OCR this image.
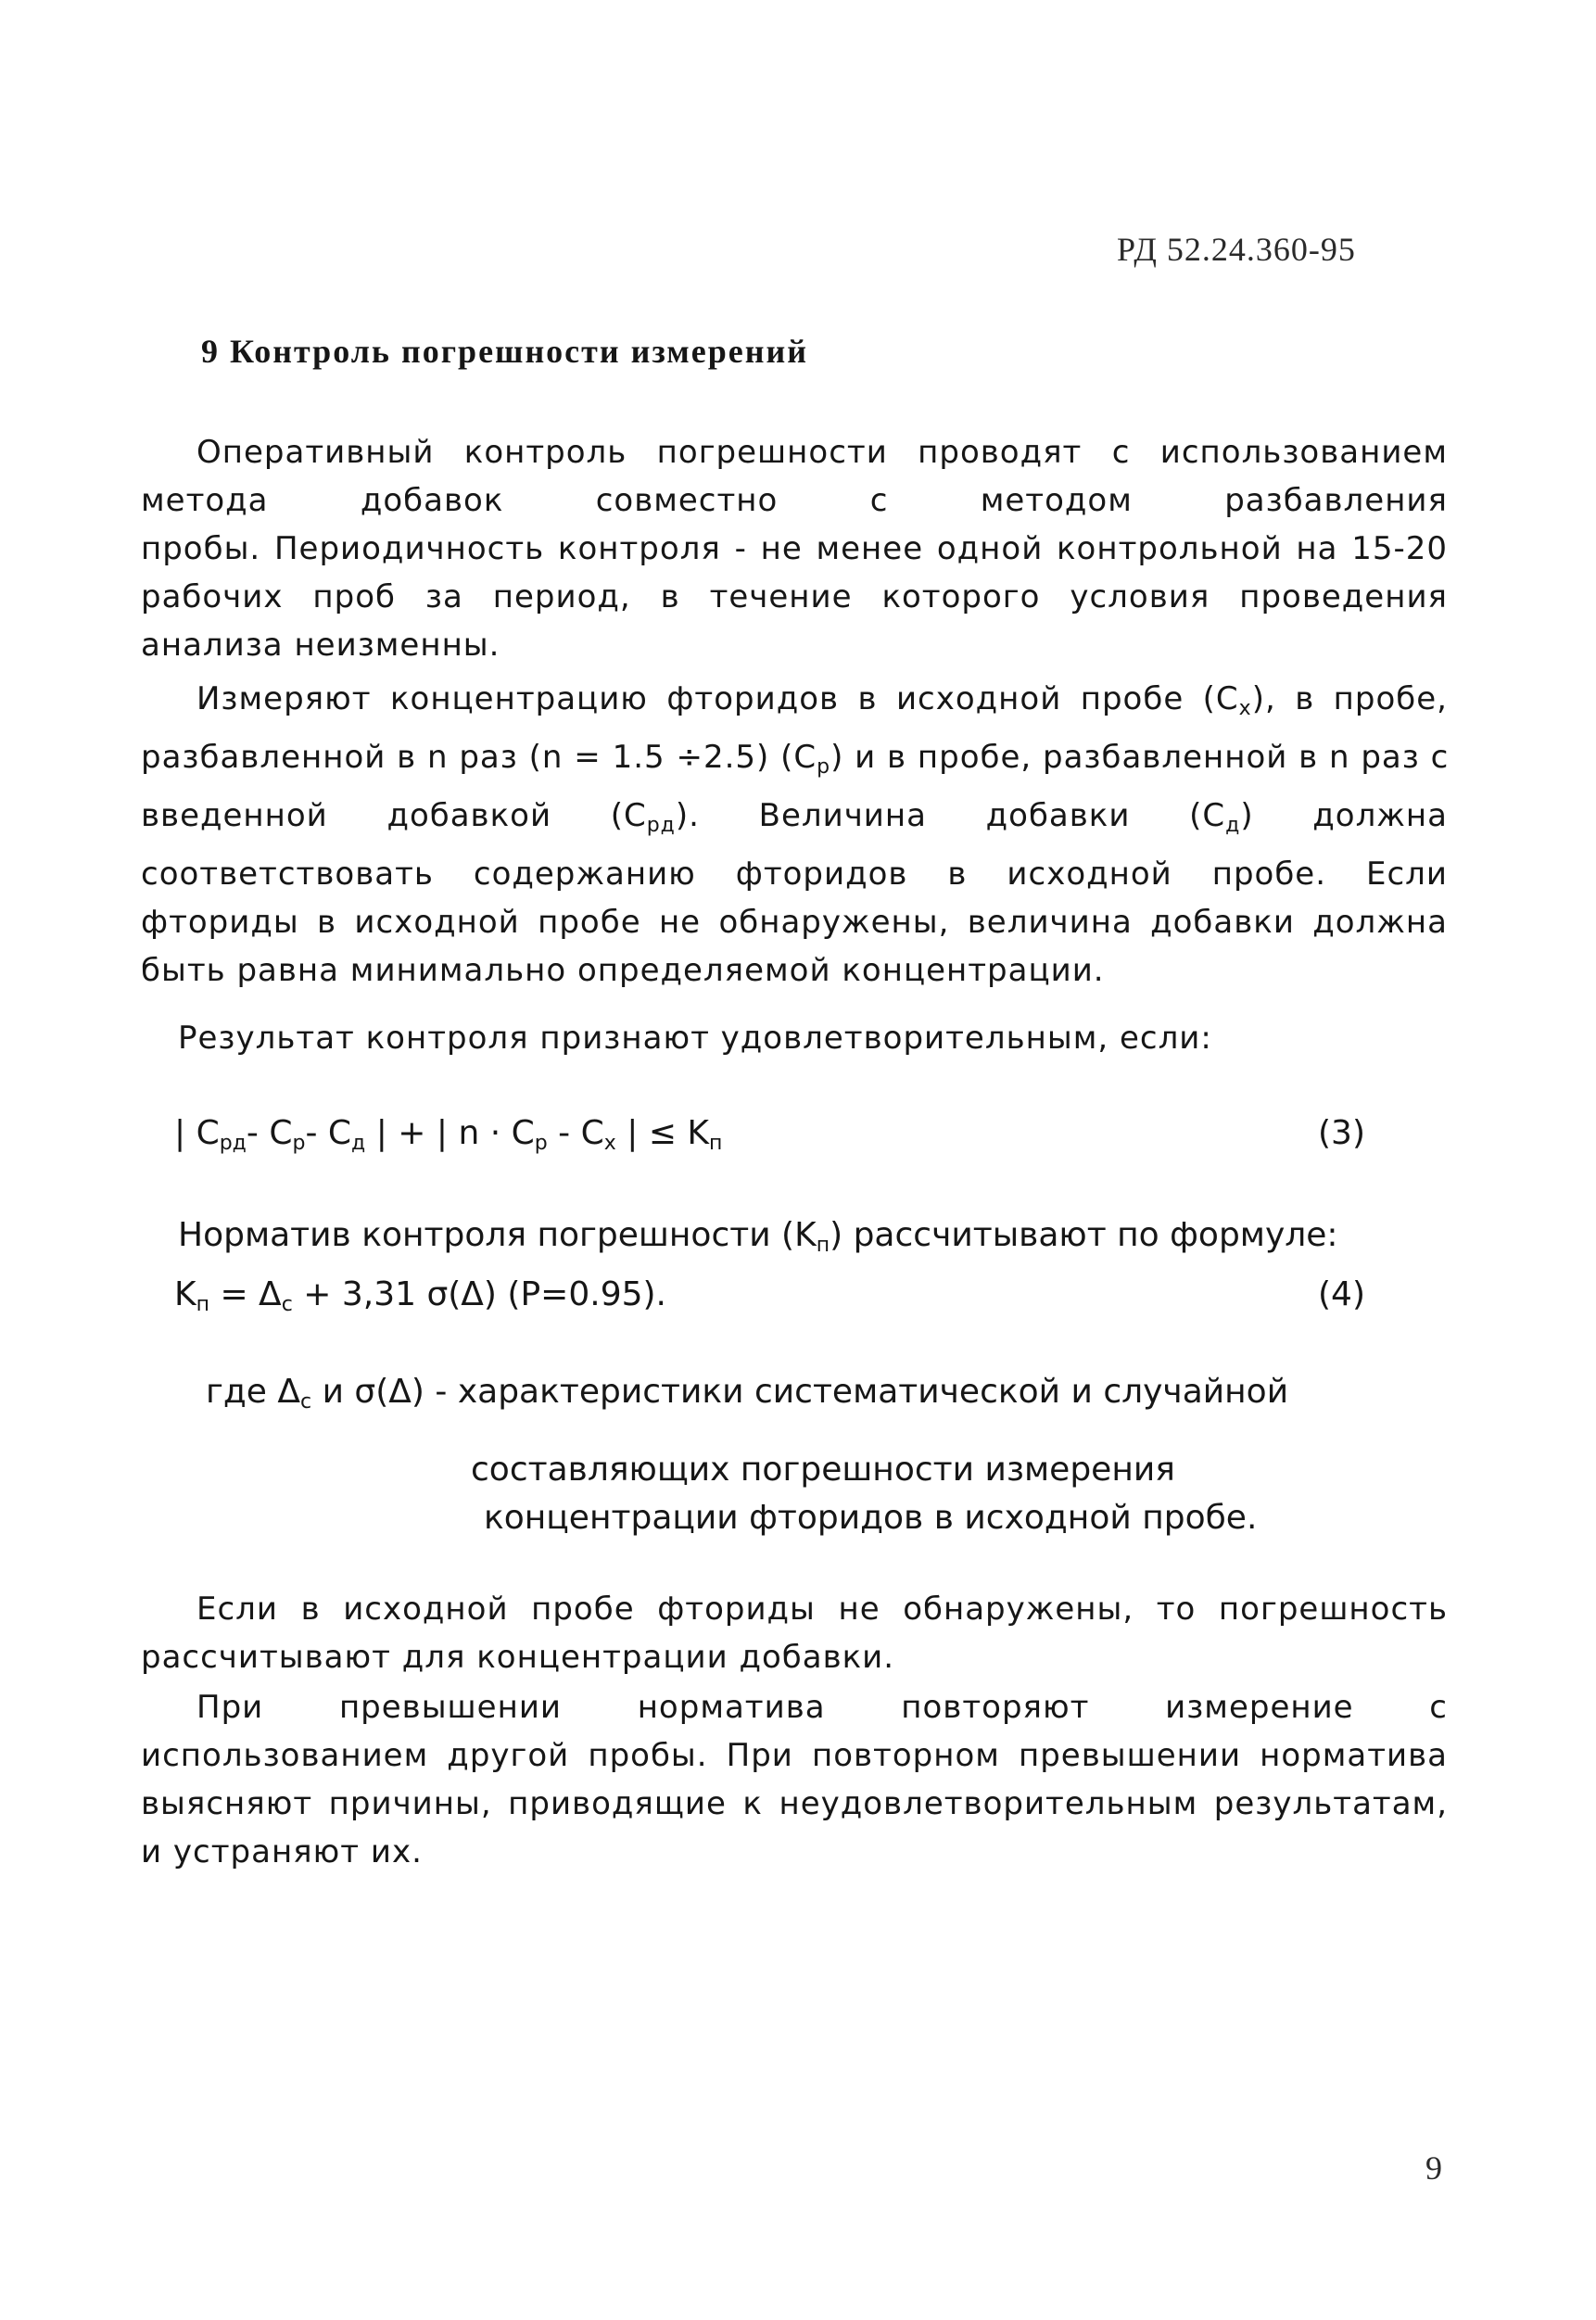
РД 52.24.360-95
9 Контроль погрешности измерений
Оперативный контроль погрешности проводят с использованием
метода добавок совместно с методом разбавления
пробы. Периодичность контроля - не менее одной контрольной на 15-20
рабочих проб за период, в течение которого условия проведения
анализа неизменны.
Измеряют концентрацию фторидов в исходной пробе $(C_x)$, в пробе,
разбавленной в n раз (n = 1.5 ÷2.5) $(C_р)$ и в пробе, разбавленной в n раз с
введенной добавкой $(C_{рд})$. Величина добавки $(C_д)$ должна
соответствовать содержанию фторидов в исходной пробе. Если
фториды в исходной пробе не обнаружены, величина добавки должна
быть равна минимально определяемой концентрации.
Результат контроля признают удовлетворительным, если:
| $C_{рд}-$ $C_р-$ $C_д$ | + | $n \cdot C_р - C_x$ | ≤ $K_п$	(3)
Норматив контроля погрешности $(K_п)$ рассчитывают по формуле:
$K_п = \Delta_c + 3,31$ σ(Δ) (P=0.95).	(4)
где $\Delta_c$ и σ(Δ) - характеристики систематической и случайной
составляющих погрешности измерения
концентрации фторидов в исходной пробе.
Если в исходной пробе фториды не обнаружены, то погрешность
рассчитывают для концентрации добавки.
При превышении норматива повторяют измерение с
использованием другой пробы. При повторном превышении норматива
выясняют причины, приводящие к неудовлетворительным результатам,
и устраняют их.
9
